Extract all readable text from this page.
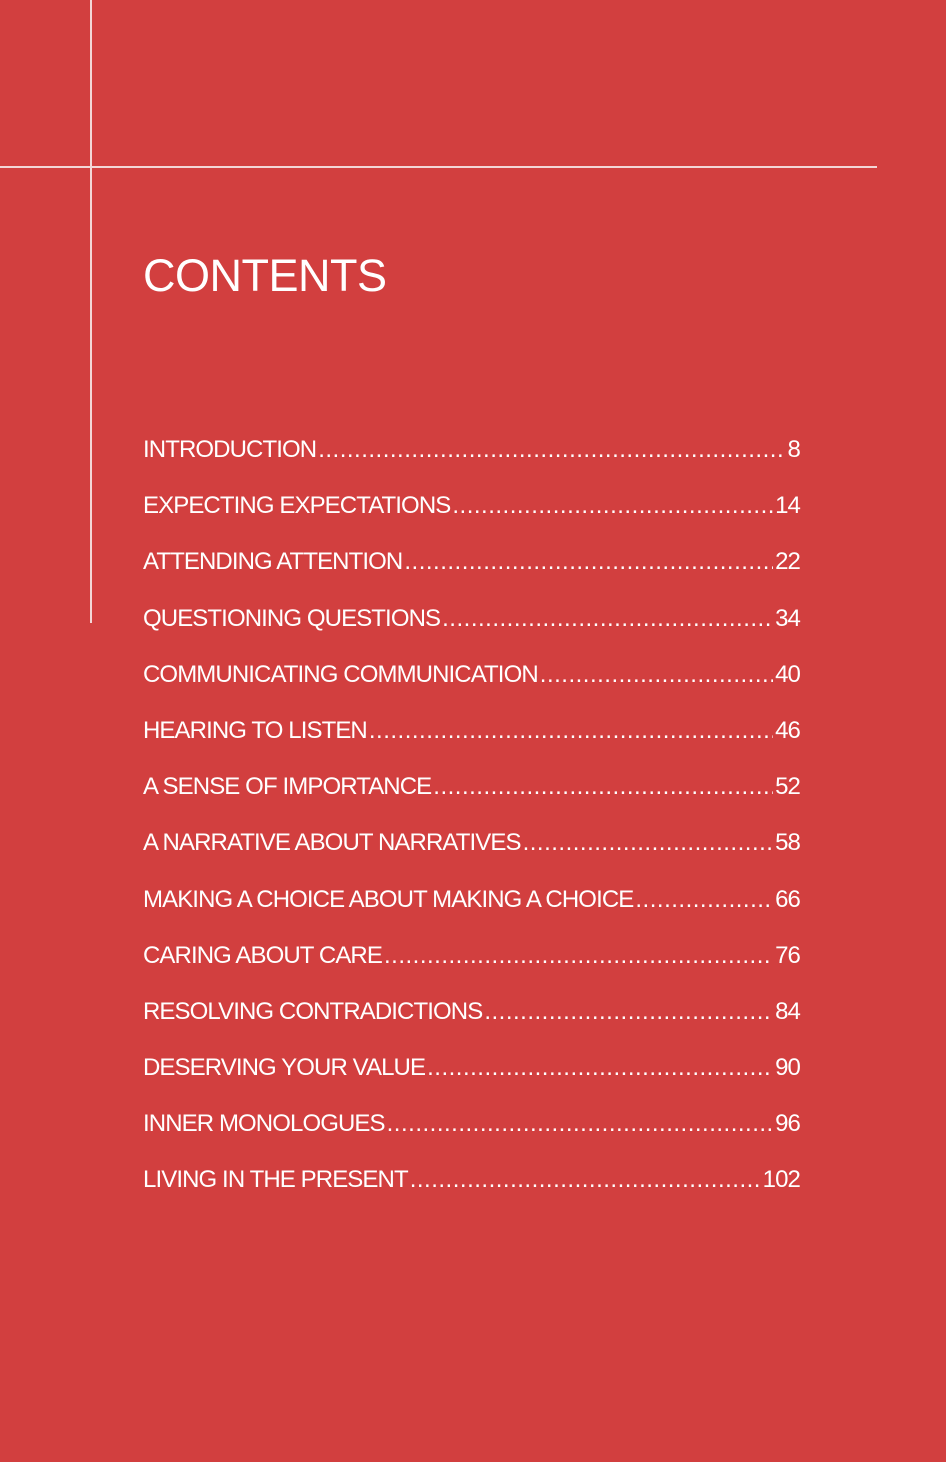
CONTENTS
INTRODUCTION .....	8
EXPECTING EXPECTATIONS .....	14
ATTENDING ATTENTION .....	22
QUESTIONING QUESTIONS .....	34
COMMUNICATING COMMUNICATION .....	40
HEARING TO LISTEN .....	46
A SENSE OF IMPORTANCE .....	52
A NARRATIVE ABOUT NARRATIVES .....	58
MAKING A CHOICE ABOUT MAKING A CHOICE .....	66
CARING ABOUT CARE .....	76
RESOLVING CONTRADICTIONS .....	84
DESERVING YOUR VALUE .....	90
INNER MONOLOGUES .....	96
LIVING IN THE PRESENT .....	102
